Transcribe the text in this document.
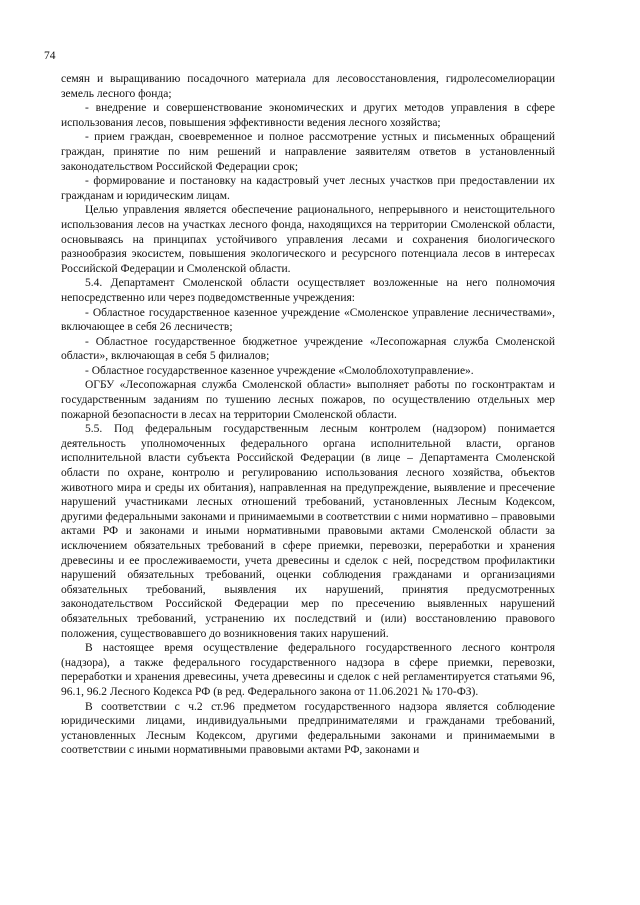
74

семян и выращиванию посадочного материала для лесовосстановления, гидролесомелиорации земель лесного фонда;

- внедрение и совершенствование экономических и других методов управления в сфере использования лесов, повышения эффективности ведения лесного хозяйства;

- прием граждан, своевременное и полное рассмотрение устных и письменных обращений граждан, принятие по ним решений и направление заявителям ответов в установленный законодательством Российской Федерации срок;

- формирование и постановку на кадастровый учет лесных участков при предоставлении их гражданам и юридическим лицам.

Целью управления является обеспечение рационального, непрерывного и неистощительного использования лесов на участках лесного фонда, находящихся на территории Смоленской области, основываясь на принципах устойчивого управления лесами и сохранения биологического разнообразия экосистем, повышения экологического и ресурсного потенциала лесов в интересах Российской Федерации и Смоленской области.

5.4. Департамент Смоленской области осуществляет возложенные на него полномочия непосредственно или через подведомственные учреждения:

- Областное государственное казенное учреждение «Смоленское управление лесничествами», включающее в себя 26 лесничеств;

- Областное государственное бюджетное учреждение «Лесопожарная служба Смоленской области», включающая в себя 5 филиалов;

- Областное государственное казенное учреждение «Смолоблохотуправление».

ОГБУ «Лесопожарная служба Смоленской области» выполняет работы по госконтрактам и государственным заданиям по тушению лесных пожаров, по осуществлению отдельных мер пожарной безопасности в лесах на территории Смоленской области.

5.5. Под федеральным государственным лесным контролем (надзором) понимается деятельность уполномоченных федерального органа исполнительной власти, органов исполнительной власти субъекта Российской Федерации (в лице – Департамента Смоленской области по охране, контролю и регулированию использования лесного хозяйства, объектов животного мира и среды их обитания), направленная на предупреждение, выявление и пресечение нарушений участниками лесных отношений требований, установленных Лесным Кодексом, другими федеральными законами и принимаемыми в соответствии с ними нормативно – правовыми актами РФ и законами и иными нормативными правовыми актами Смоленской области за исключением обязательных требований в сфере приемки, перевозки, переработки и хранения древесины и ее прослеживаемости, учета древесины и сделок с ней, посредством профилактики нарушений обязательных требований, оценки соблюдения гражданами и организациями обязательных требований, выявления их нарушений, принятия предусмотренных законодательством Российской Федерации мер по пресечению выявленных нарушений обязательных требований, устранению их последствий и (или) восстановлению правового положения, существовавшего до возникновения таких нарушений.

В настоящее время осуществление федерального государственного лесного контроля (надзора), а также федерального государственного надзора в сфере приемки, перевозки, переработки и хранения древесины, учета древесины и сделок с ней регламентируется статьями 96, 96.1, 96.2 Лесного Кодекса РФ (в ред. Федерального закона от 11.06.2021 № 170-ФЗ).

В соответствии с ч.2 ст.96 предметом государственного надзора является соблюдение юридическими лицами, индивидуальными предпринимателями и гражданами требований, установленных Лесным Кодексом, другими федеральными законами и принимаемыми в соответствии с иными нормативными правовыми актами РФ, законами и
